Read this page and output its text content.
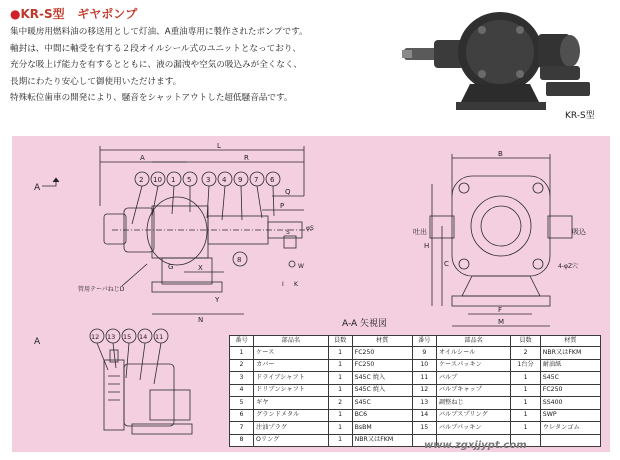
●KR-S型 ギヤポンプ
集中暖房用燃料油の移送用として灯油、A重油専用に製作されたポンプです。
軸封は、中間に軸受を有する２段オイルシール式のユニットとなっており、
充分な吸上げ能力を有するとともに、液の漏洩や空気の吸込みが全くなく、
長期にわたり安心して御使用いただけます。
特殊転位歯車の開発により、騒音をシャットアウトした超低騒音品です。
KR-S型
A
L
A	R
2 10 1 5 3 4 9 7 6
Q
P
φS
S
W
8
X
N
Y
G
I K
管用テーパねじD
B
吐出	吸込
H
C
F
M
4-φZ穴
A	12 13 15 14 11
A-A 矢視図
番号	部品名	員数	材質	番号	部品名	員数	材質
1	ケース	1	FC250	9	オイルシール	2	NBR又はFKM
2	カバー	1	FC250	10	ケースパッキン	1台分	耐油紙
3	ドライブシャフト	1	S45C 焼入	11	バルブ	1	S45C
4	ドリブンシャフト	1	S45C 焼入	12	バルブキャップ	1	FC250
5	ギヤ	2	S45C	13	調整ねじ	1	SS400
6	グランドメタル	1	BC6	14	バルブスプリング	1	SWP
7	注油プラグ	1	BsBM	15	バルブパッキン	1	ウレタンゴム
8	Oリング	1	NBR又はFKM				
www.zgxjjypt.com
